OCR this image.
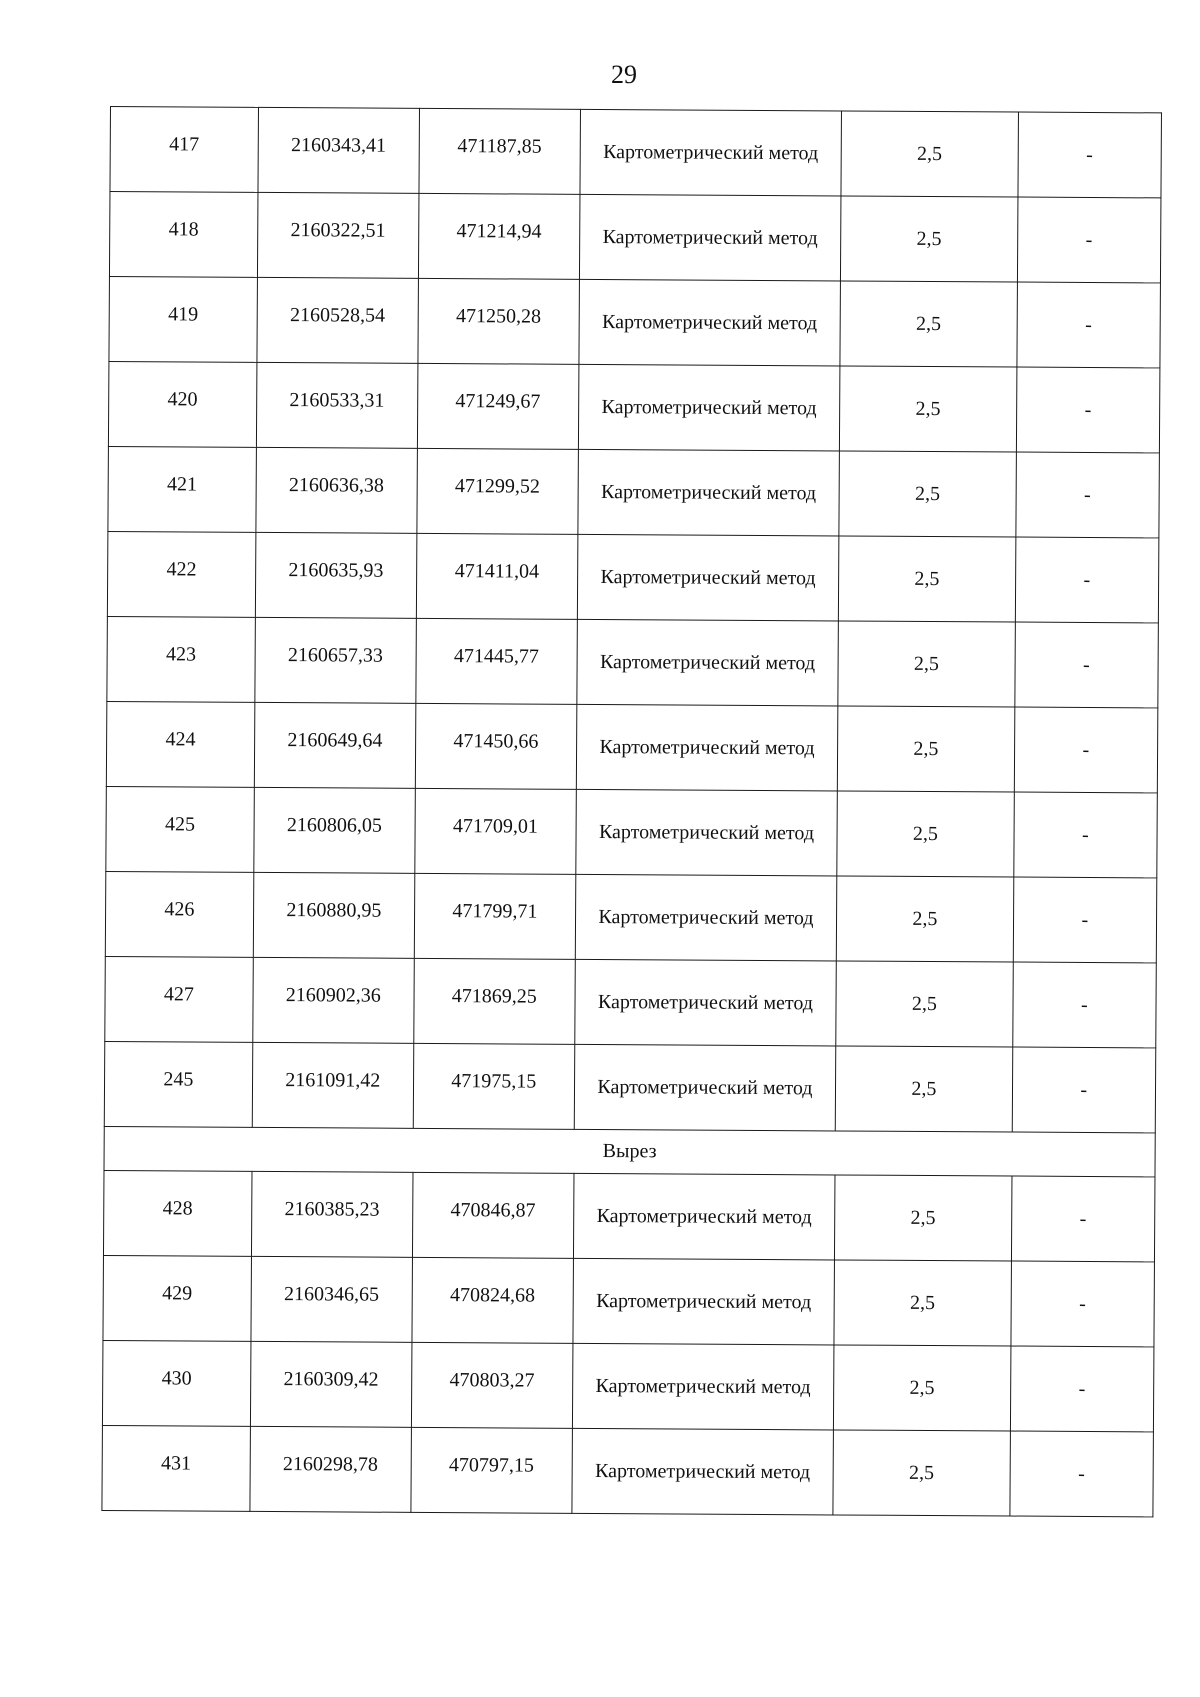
29
417	2160343,41	471187,85	Картометрический метод	2,5	-
418	2160322,51	471214,94	Картометрический метод	2,5	-
419	2160528,54	471250,28	Картометрический метод	2,5	-
420	2160533,31	471249,67	Картометрический метод	2,5	-
421	2160636,38	471299,52	Картометрический метод	2,5	-
422	2160635,93	471411,04	Картометрический метод	2,5	-
423	2160657,33	471445,77	Картометрический метод	2,5	-
424	2160649,64	471450,66	Картометрический метод	2,5	-
425	2160806,05	471709,01	Картометрический метод	2,5	-
426	2160880,95	471799,71	Картометрический метод	2,5	-
427	2160902,36	471869,25	Картометрический метод	2,5	-
245	2161091,42	471975,15	Картометрический метод	2,5	-
Вырез					
428	2160385,23	470846,87	Картометрический метод	2,5	-
429	2160346,65	470824,68	Картометрический метод	2,5	-
430	2160309,42	470803,27	Картометрический метод	2,5	-
431	2160298,78	470797,15	Картометрический метод	2,5	-
